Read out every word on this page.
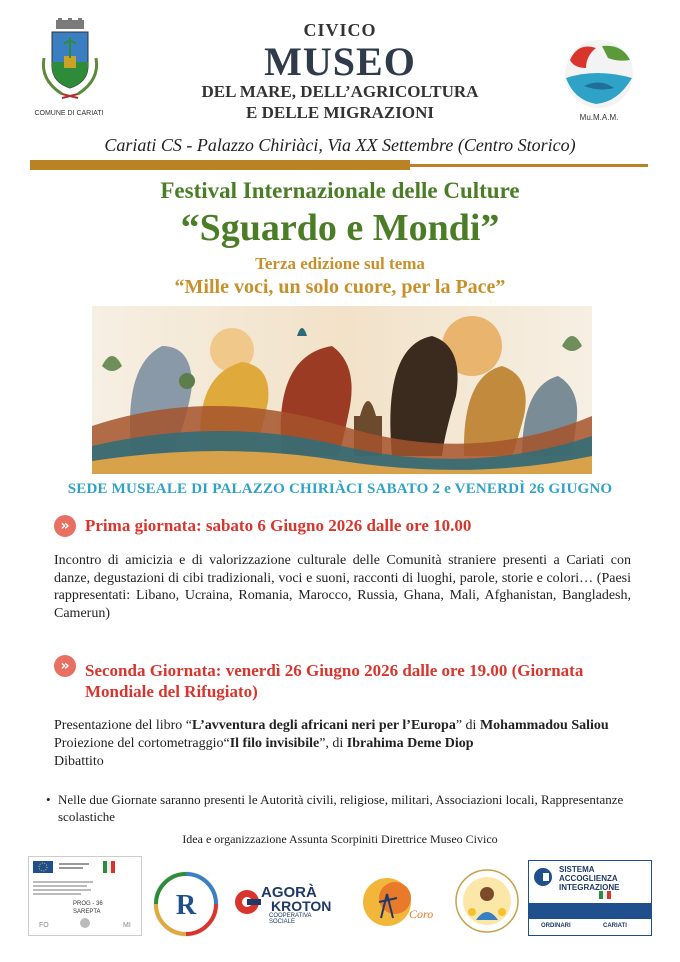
COMUNE DI CARIATI	Mu.M.A.M.
CIVICO
MUSEO
DEL MARE, DELL’AGRICOLTURA
E DELLE MIGRAZIONI
Cariati CS - Palazzo Chiriàci, Via XX Settembre (Centro Storico)
Festival Internazionale delle Culture
“Sguardo e Mondi”
Terza edizione sul tema
“Mille voci, un solo cuore, per la Pace”
SEDE MUSEALE DI PALAZZO CHIRIÀCI SABATO 2 e VENERDÌ 26 GIUGNO
» Prima giornata: sabato 6 Giugno 2026 dalle ore 10.00
Incontro di amicizia e di valorizzazione culturale delle Comunità straniere presenti a Cariati con danze, degustazioni di cibi tradizionali, voci e suoni, racconti di luoghi, parole, storie e colori… (Paesi rappresentati: Libano, Ucraina, Romania, Marocco, Russia, Ghana, Mali, Afghanistan, Bangladesh, Camerun)
» Seconda Giornata: venerdì 26 Giugno 2026 dalle ore 19.00 (Giornata Mondiale del Rifugiato)
Presentazione del libro “L’avventura degli africani neri per l’Europa” di Mohammadou Saliou
Proiezione del cortometraggio“Il filo invisibile”, di Ibrahima Deme Diop
Dibattito
• Nelle due Giornate saranno presenti le Autorità civili, religiose, militari, Associazioni locali, Rappresentanze scolastiche
Idea e organizzazione Assunta Scorpiniti Direttrice Museo Civico
FO	MI
PROG - 36
SAREPTA	R	AGORÀ
KROTON
COOPERATIVA SOCIALE
Coro
SISTEMA
ACCOGLIENZA
INTEGRAZIONE
ORDINARI	CARIATI
